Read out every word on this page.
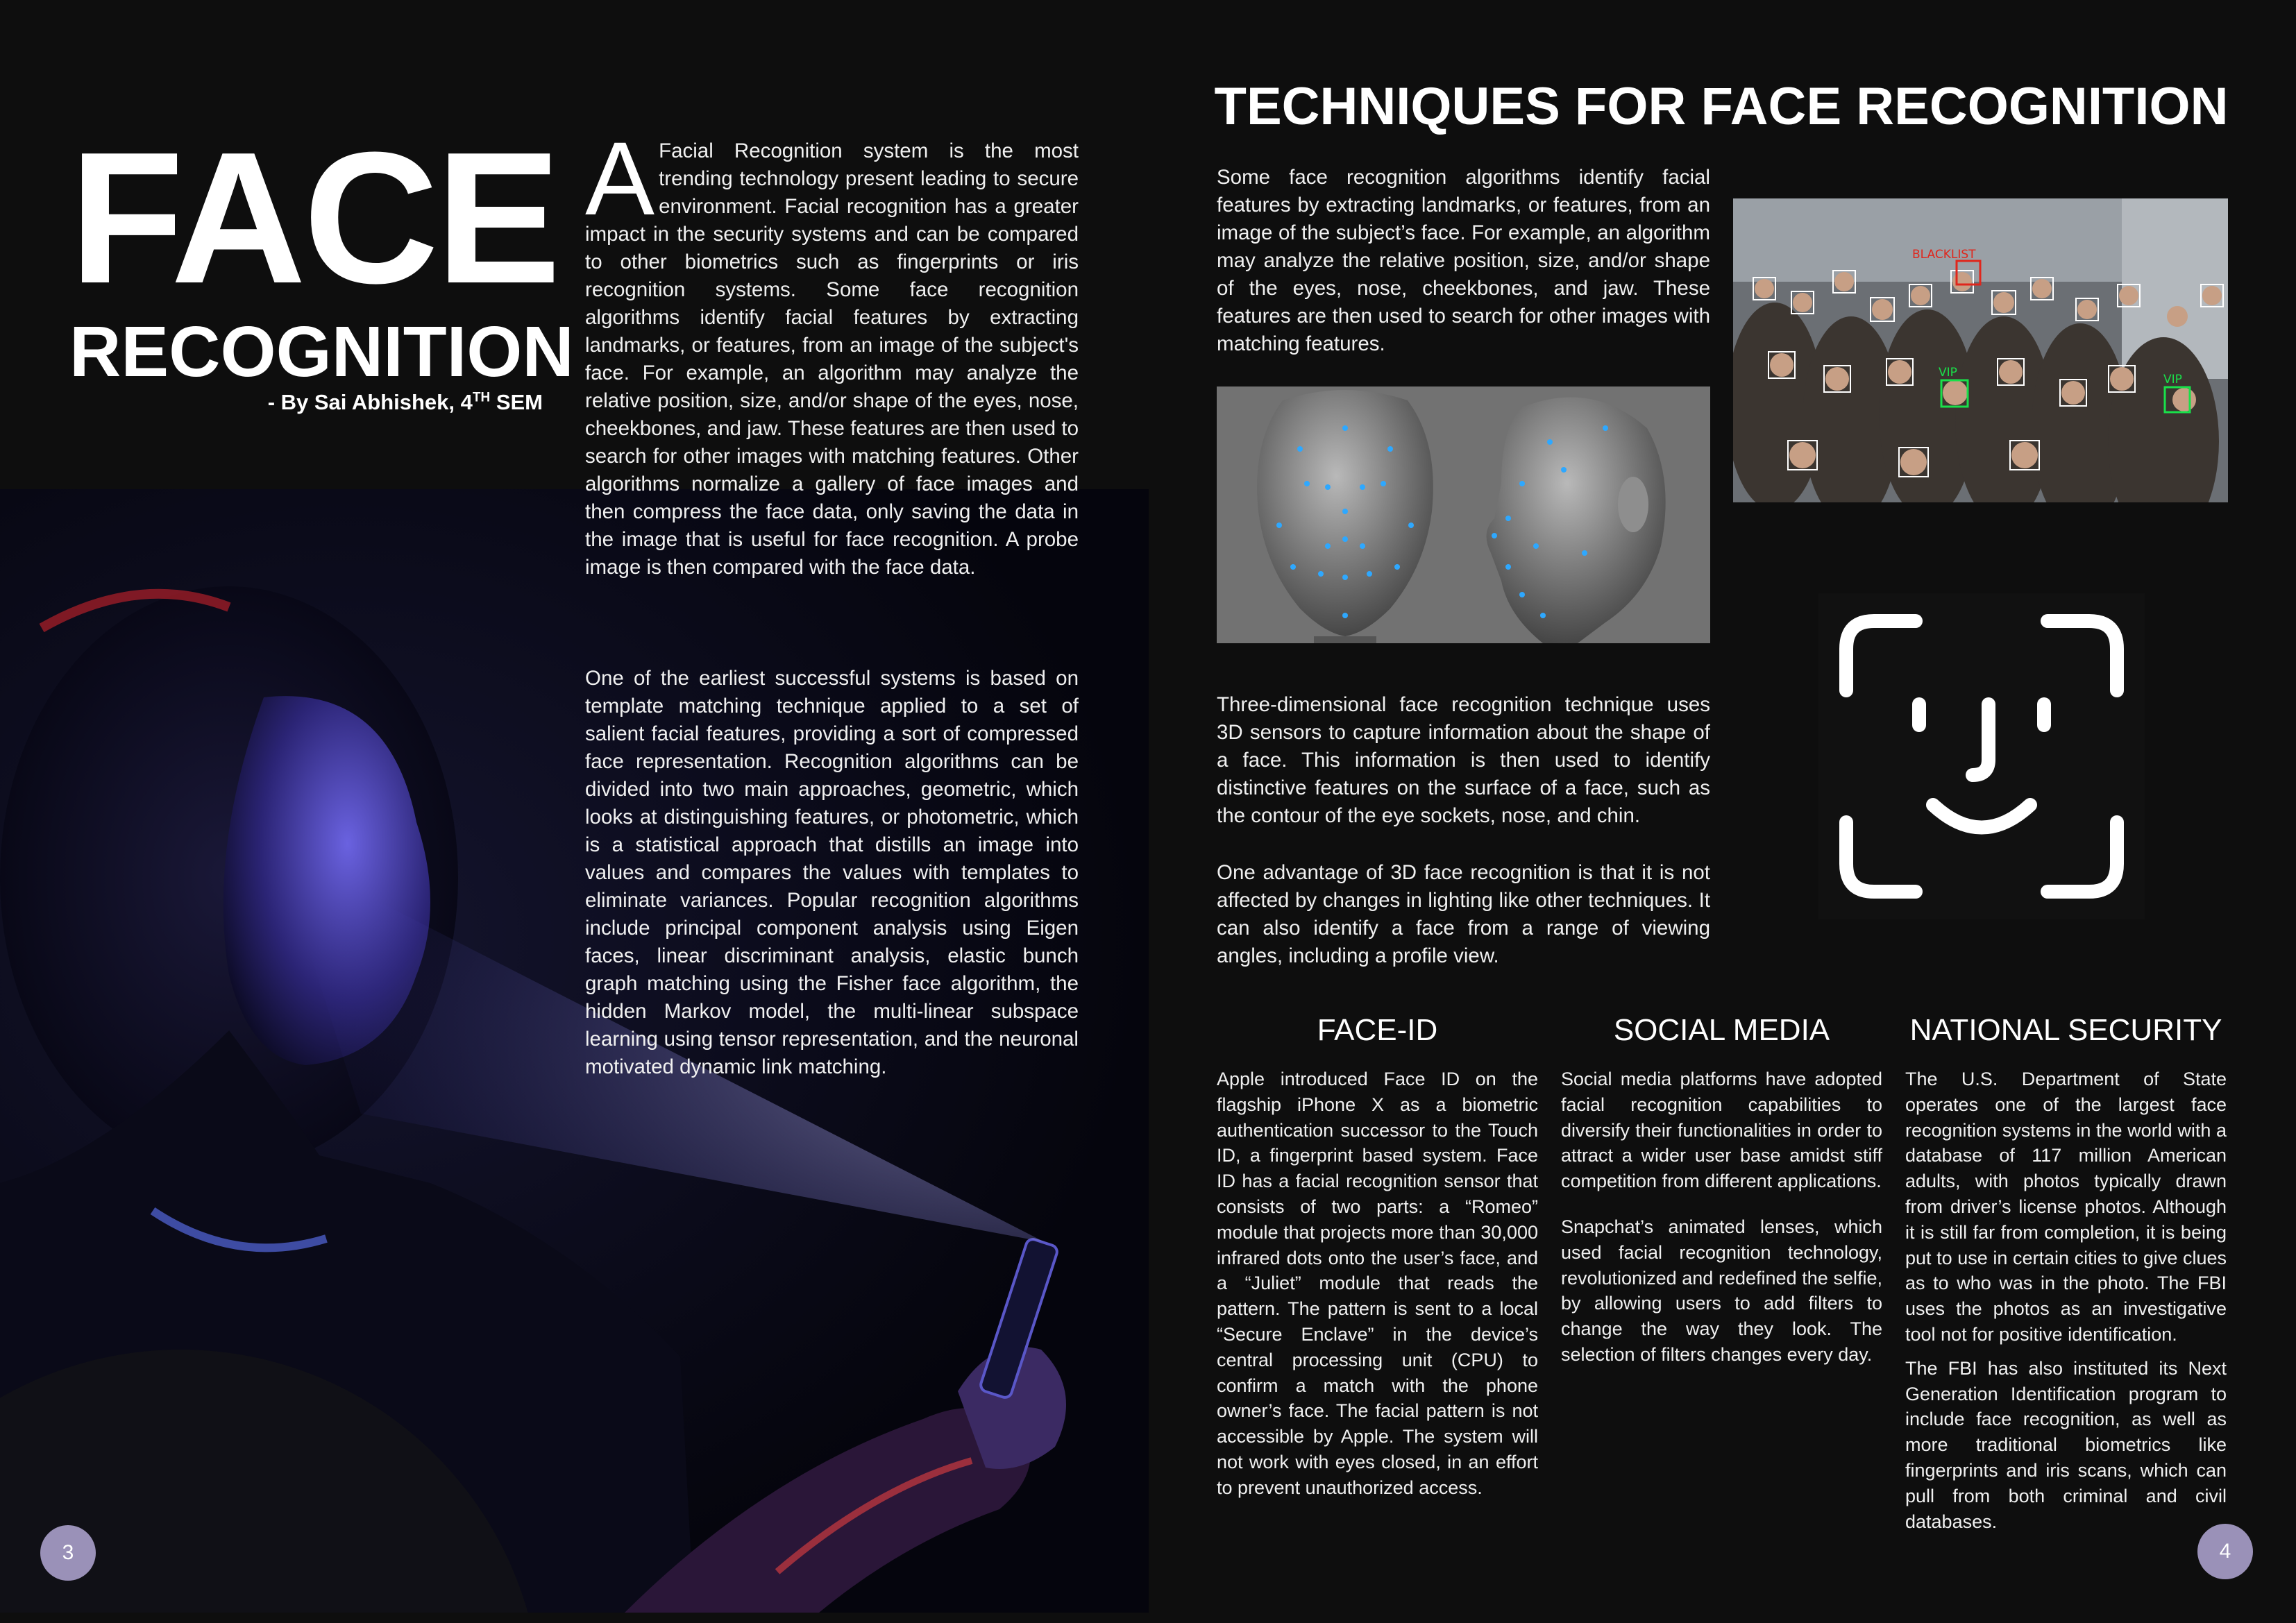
FACE
RECOGNITION
- By Sai Abhishek, 4TH SEM
A Facial Recognition system is the most trending technology present leading to secure environment. Facial recognition has a greater impact in the security systems and can be compared to other biometrics such as fingerprints or iris recognition systems. Some face recognition algorithms identify facial features by extracting landmarks, or features, from an image of the subject's face. For example, an algorithm may analyze the relative position, size, and/or shape of the eyes, nose, cheekbones, and jaw. These features are then used to search for other images with matching features. Other algorithms normalize a gallery of face images and then compress the face data, only saving the data in the image that is useful for face recognition. A probe image is then compared with the face data.

One of the earliest successful systems is based on template matching technique applied to a set of salient facial features, providing a sort of compressed face representation. Recognition algorithms can be divided into two main approaches, geometric, which looks at distinguishing features, or photometric, which is a statistical approach that distills an image into values and compares the values with templates to eliminate variances. Popular recognition algorithms include principal component analysis using Eigen faces, linear discriminant analysis, elastic bunch graph matching using the Fisher face algorithm, the hidden Markov model, the multi-linear subspace learning using tensor representation, and the neuronal motivated dynamic link matching.

3
TECHNIQUES FOR FACE RECOGNITION

Some face recognition algorithms identify facial features by extracting landmarks, or features, from an image of the subject’s face. For example, an algorithm may analyze the relative position, size, and/or shape of the eyes, nose, cheekbones, and jaw. These features are then used to search for other images with matching features.

BLACKLIST
VIP	VIP

Three-dimensional face recognition technique uses 3D sensors to capture information about the shape of a face. This information is then used to identify distinctive features on the surface of a face, such as the contour of the eye sockets, nose, and chin.

One advantage of 3D face recognition is that it is not affected by changes in lighting like other techniques. It can also identify a face from a range of viewing angles, including a profile view.

FACE-ID	SOCIAL MEDIA	NATIONAL SECURITY

Apple introduced Face ID on the flagship iPhone X as a biometric authentication successor to the Touch ID, a fingerprint based system. Face ID has a facial recognition sensor that consists of two parts: a “Romeo” module that projects more than 30,000 infrared dots onto the user’s face, and a “Juliet” module that reads the pattern. The pattern is sent to a local “Secure Enclave” in the device’s central processing unit (CPU) to confirm a match with the phone owner’s face. The facial pattern is not accessible by Apple. The system will not work with eyes closed, in an effort to prevent unauthorized access.

Social media platforms have adopted facial recognition capabilities to diversify their functionalities in order to attract a wider user base amidst stiff competition from different applications.

Snapchat’s animated lenses, which used facial recognition technology, revolutionized and redefined the selfie, by allowing users to add filters to change the way they look. The selection of filters changes every day.

The U.S. Department of State operates one of the largest face recognition systems in the world with a database of 117 million American adults, with photos typically drawn from driver’s license photos. Although it is still far from completion, it is being put to use in certain cities to give clues as to who was in the photo. The FBI uses the photos as an investigative tool not for positive identification.

The FBI has also instituted its Next Generation Identification program to include face recognition, as well as more traditional biometrics like fingerprints and iris scans, which can pull from both criminal and civil databases.

4
